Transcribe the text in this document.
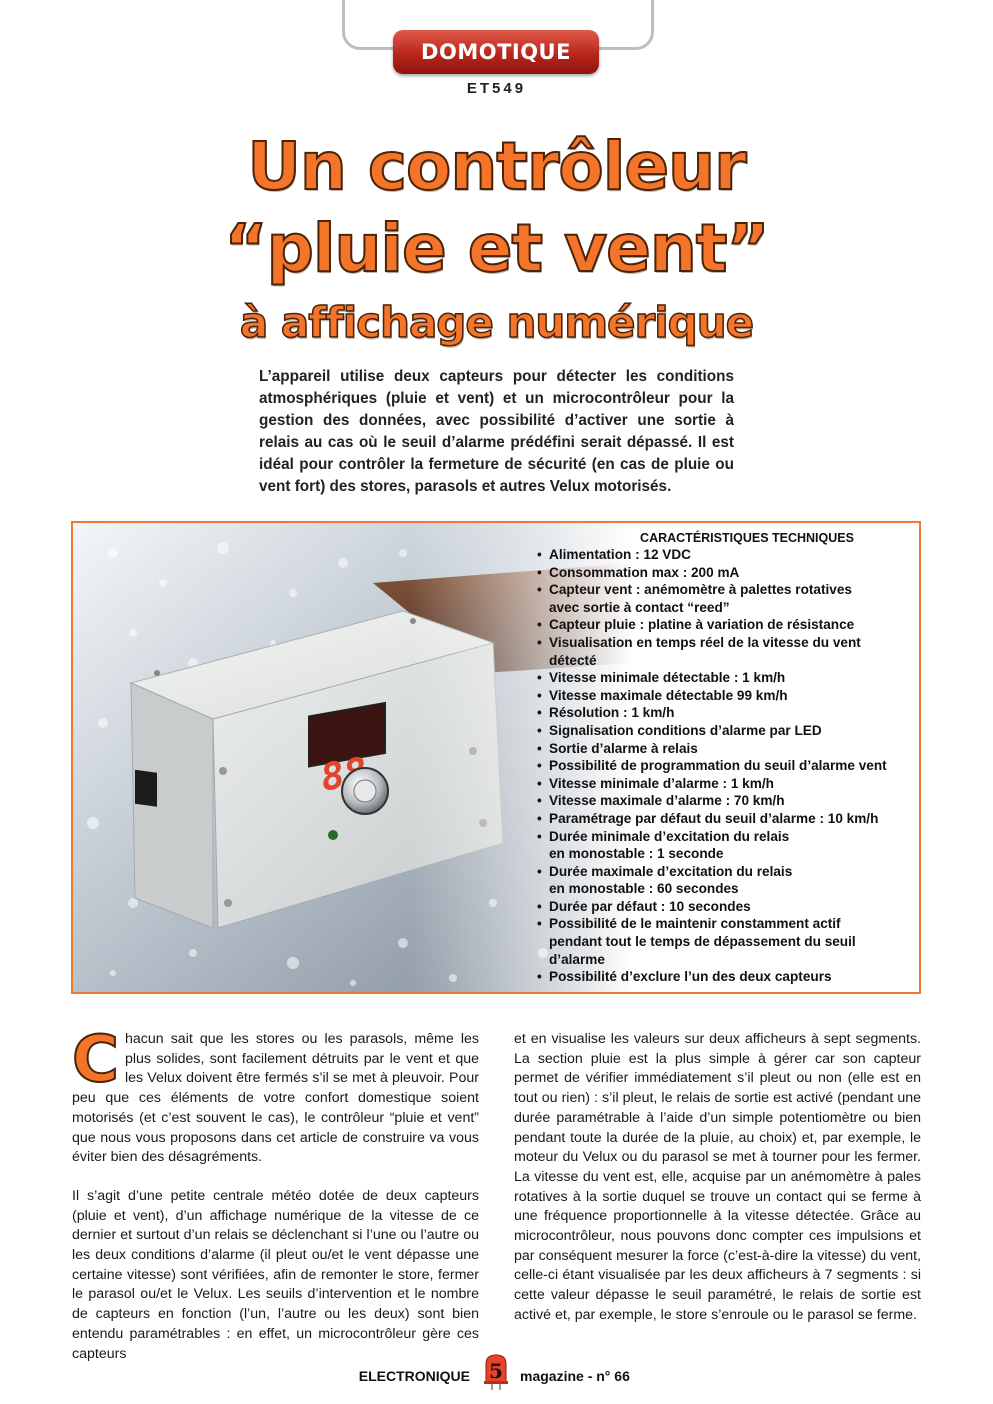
DOMOTIQUE
ET549
Un contrôleur
“pluie et vent”
à affichage numérique
L’appareil utilise deux capteurs pour détecter les conditions atmosphériques (pluie et vent) et un microcontrôleur pour la gestion des données, avec possibilité d’activer une sortie à relais au cas où le seuil d’alarme prédéfini serait dépassé. Il est idéal pour contrôler la fermeture de sécurité (en cas de pluie ou vent fort) des stores, parasols et autres Velux motorisés.
CARACTÉRISTIQUES TECHNIQUES
• Alimentation : 12 VDC
• Consommation max : 200 mA
• Capteur vent : anémomètre à palettes rotatives
avec sortie à contact “reed”
• Capteur pluie : platine à variation de résistance
• Visualisation en temps réel de la vitesse du vent
détecté
• Vitesse minimale détectable : 1 km/h
• Vitesse maximale détectable 99 km/h
• Résolution : 1 km/h
• Signalisation conditions d’alarme par LED
• Sortie d’alarme à relais
• Possibilité de programmation du seuil d’alarme vent
• Vitesse minimale d’alarme : 1 km/h
• Vitesse maximale d’alarme : 70 km/h
• Paramétrage par défaut du seuil d’alarme : 10 km/h
• Durée minimale d’excitation du relais
en monostable : 1 seconde
• Durée maximale d’excitation du relais
en monostable : 60 secondes
• Durée par défaut : 10 secondes
• Possibilité de le maintenir constamment actif
pendant tout le temps de dépassement du seuil
d’alarme
• Possibilité d’exclure l’un des deux capteurs

Chacun sait que les stores ou les parasols, même les plus solides, sont facilement détruits par le vent et que les Velux doivent être fermés s’il se met à pleuvoir. Pour peu que ces éléments de votre confort domestique soient motorisés (et c’est souvent le cas), le contrôleur “pluie et vent” que nous vous proposons dans cet article de construire va vous éviter bien des désagréments.

Il s’agit d’une petite centrale météo dotée de deux capteurs (pluie et vent), d’un affichage numérique de la vitesse de ce dernier et surtout d’un relais se déclenchant si l’une ou l’autre ou les deux conditions d’alarme (il pleut ou/et le vent dépasse une certaine vitesse) sont vérifiées, afin de remonter le store, fermer le parasol ou/et le Velux. Les seuils d’intervention et le nombre de capteurs en fonction (l’un, l’autre ou les deux) sont bien entendu paramétrables : en effet, un microcontrôleur gère ces capteurs

et en visualise les valeurs sur deux afficheurs à sept segments. La section pluie est la plus simple à gérer car son capteur permet de vérifier immédiatement s’il pleut ou non (elle est en tout ou rien) : s’il pleut, le relais de sortie est activé (pendant une durée paramétrable à l’aide d’un simple potentiomètre ou bien pendant toute la durée de la pluie, au choix) et, par exemple, le moteur du Velux ou du parasol se met à tourner pour les fermer. La vitesse du vent est, elle, acquise par un anémomètre à pales rotatives à la sortie duquel se trouve un contact qui se ferme à une fréquence proportionnelle à la vitesse détectée. Grâce au microcontrôleur, nous pouvons donc compter ces impulsions et par conséquent mesurer la force (c’est-à-dire la vitesse) du vent, celle-ci étant visualisée par les deux afficheurs à 7 segments : si cette valeur dépasse le seuil paramétré, le relais de sortie est activé et, par exemple, le store s’enroule ou le parasol se ferme.

ELECTRONIQUE 5	magazine - n° 66
